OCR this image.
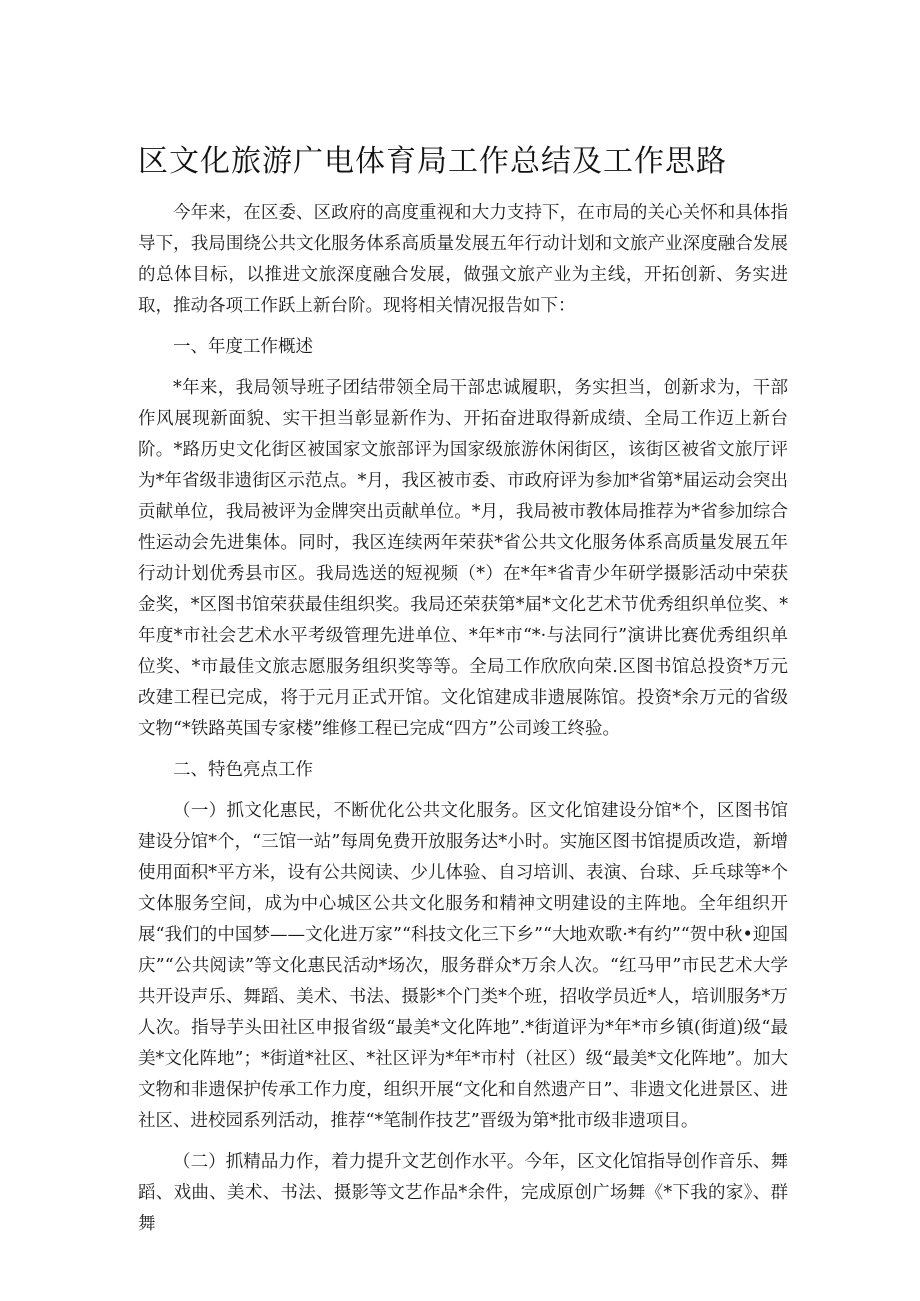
区文化旅游广电体育局工作总结及工作思路

今年来，在区委、区政府的高度重视和大力支持下，在市局的关心关怀和具体指导下，我局围绕公共文化服务体系高质量发展五年行动计划和文旅产业深度融合发展的总体目标，以推进文旅深度融合发展，做强文旅产业为主线，开拓创新、务实进取，推动各项工作跃上新台阶。现将相关情况报告如下：

一、年度工作概述

*年来，我局领导班子团结带领全局干部忠诚履职，务实担当，创新求为，干部作风展现新面貌、实干担当彰显新作为、开拓奋进取得新成绩、全局工作迈上新台阶。*路历史文化街区被国家文旅部评为国家级旅游休闲街区，该街区被省文旅厅评为*年省级非遗街区示范点。*月，我区被市委、市政府评为参加*省第*届运动会突出贡献单位，我局被评为金牌突出贡献单位。*月，我局被市教体局推荐为*省参加综合性运动会先进集体。同时，我区连续两年荣获*省公共文化服务体系高质量发展五年行动计划优秀县市区。我局选送的短视频（*）在*年*省青少年研学摄影活动中荣获金奖，*区图书馆荣获最佳组织奖。我局还荣获第*届*文化艺术节优秀组织单位奖、*年度*市社会艺术水平考级管理先进单位、*年*市“*·与法同行”演讲比赛优秀组织单位奖、*市最佳文旅志愿服务组织奖等等。全局工作欣欣向荣.区图书馆总投资*万元改建工程已完成，将于元月正式开馆。文化馆建成非遗展陈馆。投资*余万元的省级文物“*铁路英国专家楼”维修工程已完成“四方”公司竣工终验。

二、特色亮点工作

（一）抓文化惠民，不断优化公共文化服务。区文化馆建设分馆*个，区图书馆建设分馆*个，“三馆一站”每周免费开放服务达*小时。实施区图书馆提质改造，新增使用面积*平方米，设有公共阅读、少儿体验、自习培训、表演、台球、乒乓球等*个文体服务空间，成为中心城区公共文化服务和精神文明建设的主阵地。全年组织开展“我们的中国梦——文化进万家”“科技文化三下乡”“大地欢歌·*有约”“贺中秋•迎国庆”“公共阅读”等文化惠民活动*场次，服务群众*万余人次。“红马甲”市民艺术大学共开设声乐、舞蹈、美术、书法、摄影*个门类*个班，招收学员近*人，培训服务*万人次。指导芋头田社区申报省级“最美*文化阵地”.*街道评为*年*市乡镇(街道)级“最美*文化阵地”；*街道*社区、*社区评为*年*市村（社区）级“最美*文化阵地”。加大文物和非遗保护传承工作力度，组织开展“文化和自然遗产日”、非遗文化进景区、进社区、进校园系列活动，推荐“*笔制作技艺”晋级为第*批市级非遗项目。

（二）抓精品力作，着力提升文艺创作水平。今年，区文化馆指导创作音乐、舞蹈、戏曲、美术、书法、摄影等文艺作品*余件，完成原创广场舞《*下我的家》、群舞
